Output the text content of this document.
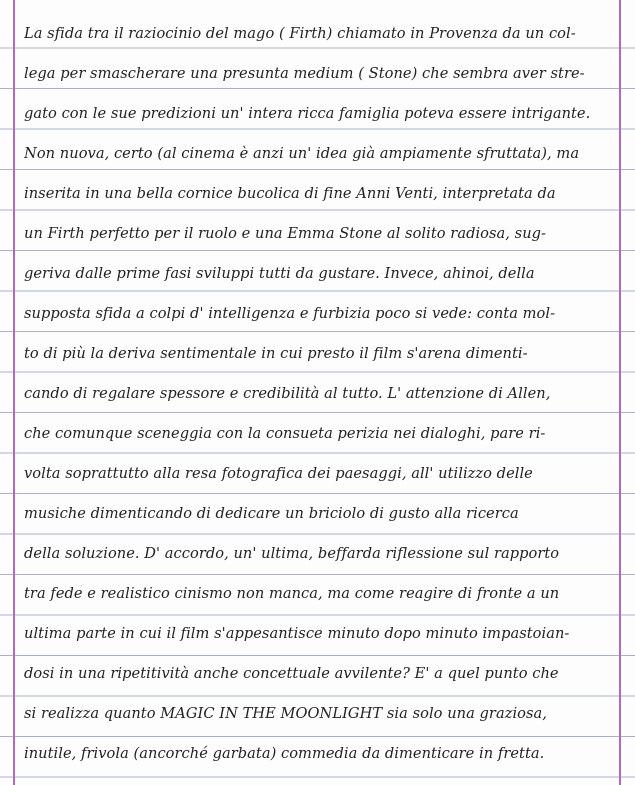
La sfida tra il raziocinio del mago ( Firth) chiamato in Provenza da un col-
lega per smascherare una presunta medium ( Stone) che sembra aver stre-
gato con le sue predizioni un' intera ricca famiglia poteva essere intrigante.
Non nuova, certo (al cinema è anzi un' idea già ampiamente sfruttata), ma
inserita in una bella cornice bucolica di fine Anni Venti, interpretata da
un Firth perfetto per il ruolo e una Emma Stone al solito radiosa, sug-
geriva dalle prime fasi sviluppi tutti da gustare. Invece, ahinoi, della
supposta sfida a colpi d' intelligenza e furbizia poco si vede: conta mol-
to di più la deriva sentimentale in cui presto il film s'arena dimenti-
cando di regalare spessore e credibilità al tutto. L' attenzione di Allen,
che comunque sceneggia con la consueta perizia nei dialoghi, pare ri-
volta soprattutto alla resa fotografica dei paesaggi, all' utilizzo delle
musiche dimenticando di dedicare un briciolo di gusto alla ricerca
della soluzione. D' accordo, un' ultima, beffarda riflessione sul rapporto
tra fede e realistico cinismo non manca, ma come reagire di fronte a un
ultima parte in cui il film s'appesantisce minuto dopo minuto impastoian-
dosi in una ripetitività anche concettuale avvilente? E' a quel punto che
si realizza quanto MAGIC IN THE MOONLIGHT sia solo una graziosa,
inutile, frivola (ancorché garbata) commedia da dimenticare in fretta.
